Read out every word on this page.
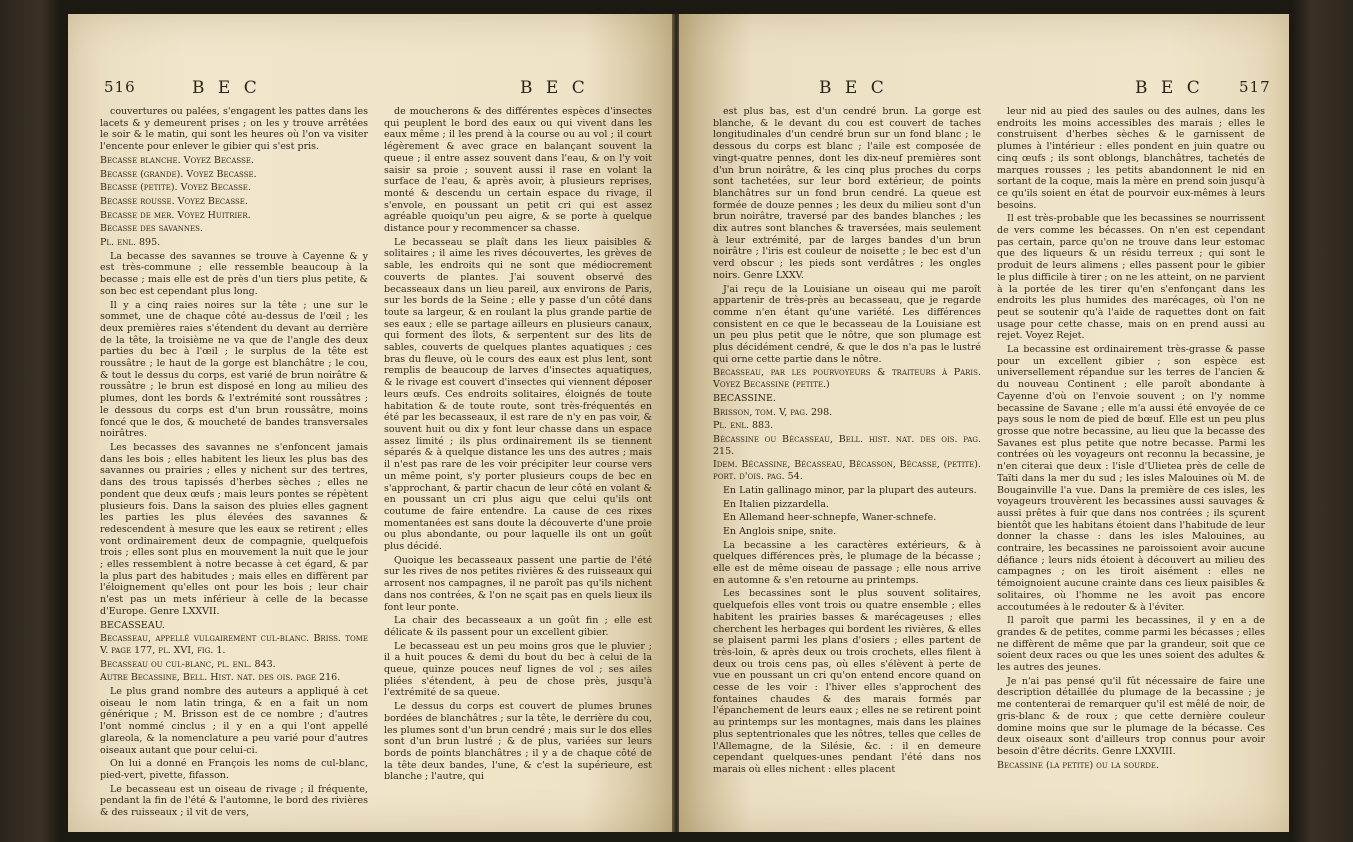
516	B E C	B E C

couvertures ou palées, s'engagent les pattes dans les lacets & y demeurent prises ; on les y trouve arrêtées le soir & le matin, qui sont les heures où l'on va visiter l'encente pour enlever le gibier qui s'est pris.

Becasse blanche. Voyez Becasse.

Becasse (grande). Voyez Becasse.

Becasse (petite). Voyez Becasse.

Becasse rousse. Voyez Becasse.

Becasse de mer. Voyez Huitrier.

Becasse des savannes.

Pl. enl. 895.

La becasse des savannes se trouve à Cayenne & y est très-commune ; elle ressemble beaucoup à la becasse ; mais elle est de près d'un tiers plus petite, & son bec est cependant plus long.

Il y a cinq raies noires sur la tête ; une sur le sommet, une de chaque côté au-dessus de l'œil ; les deux premières raies s'étendent du devant au derrière de la tête, la troisième ne va que de l'angle des deux parties du bec à l'œil ; le surplus de la tête est roussâtre ; le haut de la gorge est blanchâtre ; le cou, & tout le dessus du corps, est varié de brun noirâtre & roussâtre ; le brun est disposé en long au milieu des plumes, dont les bords & l'extrémité sont roussâtres ; le dessous du corps est d'un brun roussâtre, moins foncé que le dos, & moucheté de bandes transversales noirâtres.

Les becasses des savannes ne s'enfoncent jamais dans les bois ; elles habitent les lieux les plus bas des savannes ou prairies ; elles y nichent sur des tertres, dans des trous tapissés d'herbes sèches ; elles ne pondent que deux œufs ; mais leurs pontes se répètent plusieurs fois. Dans la saison des pluies elles gagnent les parties les plus élevées des savannes & redescendent à mesure que les eaux se retirent ; elles vont ordinairement deux de compagnie, quelquefois trois ; elles sont plus en mouvement la nuit que le jour ; elles ressemblent à notre becasse à cet égard, & par la plus part des habitudes ; mais elles en diffèrent par l'éloignement qu'elles ont pour les bois ; leur chair n'est pas un mets inférieur à celle de la becasse d'Europe. Genre LXXVII.

BECASSEAU.

Becasseau, appellé vulgairement cul-blanc. Briss. tome V. page 177, pl. XVI, fig. 1.

Becasseau ou cul-blanc, pl. enl. 843.

Autre Becassine, Bell. Hist. nat. des ois. page 216.

Le plus grand nombre des auteurs a appliqué à cet oiseau le nom latin tringa, & en a fait un nom générique ; M. Brisson est de ce nombre ; d'autres l'ont nommé cinclus ; il y en a qui l'ont appellé glareola, & la nomenclature a peu varié pour d'autres oiseaux autant que pour celui-ci.

On lui a donné en François les noms de cul-blanc, pied-vert, pivette, fifasson.

Le becasseau est un oiseau de rivage ; il fréquente, pendant la fin de l'été & l'automne, le bord des rivières & des ruisseaux ; il vit de vers,

de moucherons & des différentes espèces d'insectes qui peuplent le bord des eaux ou qui vivent dans les eaux même ; il les prend à la course ou au vol ; il court légèrement & avec grace en balançant souvent la queue ; il entre assez souvent dans l'eau, & on l'y voit saisir sa proie ; souvent aussi il rase en volant la surface de l'eau, & après avoir, à plusieurs reprises, monté & descendu un certain espace du rivage, il s'envole, en poussant un petit cri qui est assez agréable quoiqu'un peu aigre, & se porte à quelque distance pour y recommencer sa chasse.

Le becasseau se plaît dans les lieux paisibles & solitaires ; il aime les rives découvertes, les grèves de sable, les endroits qui ne sont que médiocrement couverts de plantes. J'ai souvent observé des becasseaux dans un lieu pareil, aux environs de Paris, sur les bords de la Seine ; elle y passe d'un côté dans toute sa largeur, & en roulant la plus grande partie de ses eaux ; elle se partage ailleurs en plusieurs canaux, qui forment des îlots, & serpentent sur des lits de sables, couverts de quelques plantes aquatiques ; ces bras du fleuve, où le cours des eaux est plus lent, sont remplis de beaucoup de larves d'insectes aquatiques, & le rivage est couvert d'insectes qui viennent déposer leurs œufs. Ces endroits solitaires, éloignés de toute habitation & de toute route, sont très-fréquentés en été par les becasseaux, il est rare de n'y en pas voir, & souvent huit ou dix y font leur chasse dans un espace assez limité ; ils plus ordinairement ils se tiennent séparés & à quelque distance les uns des autres ; mais il n'est pas rare de les voir précipiter leur course vers un même point, s'y porter plusieurs coups de bec en s'approchant, & partir chacun de leur côté en volant & en poussant un cri plus aigu que celui qu'ils ont coutume de faire entendre. La cause de ces rixes momentanées est sans doute la découverte d'une proie ou plus abondante, ou pour laquelle ils ont un goût plus décidé.

Quoique les becasseaux passent une partie de l'été sur les rives de nos petites rivières & des ruisseaux qui arrosent nos campagnes, il ne paroît pas qu'ils nichent dans nos contrées, & l'on ne sçait pas en quels lieux ils font leur ponte.

La chair des becasseaux a un goût fin ; elle est délicate & ils passent pour un excellent gibier.

Le becasseau est un peu moins gros que le pluvier ; il a huit pouces & demi du bout du bec à celui de la queue, quinze pouces neuf lignes de vol ; ses ailes pliées s'étendent, à peu de chose près, jusqu'à l'extrémité de sa queue.

Le dessus du corps est couvert de plumes brunes bordées de blanchâtres ; sur la tête, le derrière du cou, les plumes sont d'un brun cendré ; mais sur le dos elles sont d'un brun lustré ; & de plus, variées sur leurs bords de points blanchâtres ; il y a de chaque côté de la tête deux bandes, l'une, & c'est la supérieure, est blanche ; l'autre, qui

B E C	B E C 517

est plus bas, est d'un cendré brun. La gorge est blanche, & le devant du cou est couvert de taches longitudinales d'un cendré brun sur un fond blanc ; le dessous du corps est blanc ; l'aile est composée de vingt-quatre pennes, dont les dix-neuf premières sont d'un brun noirâtre, & les cinq plus proches du corps sont tachetées, sur leur bord extérieur, de points blanchâtres sur un fond brun cendré. La queue est formée de douze pennes ; les deux du milieu sont d'un brun noirâtre, traversé par des bandes blanches ; les dix autres sont blanches & traversées, mais seulement à leur extrémité, par de larges bandes d'un brun noirâtre ; l'iris est couleur de noisette ; le bec est d'un verd obscur ; les pieds sont verdâtres ; les ongles noirs. Genre LXXV.

J'ai reçu de la Louisiane un oiseau qui me paroît appartenir de très-près au becasseau, que je regarde comme n'en étant qu'une variété. Les différences consistent en ce que le becasseau de la Louisiane est un peu plus petit que le nôtre, que son plumage est plus décidément cendré, & que le dos n'a pas le lustré qui orne cette partie dans le nôtre.

Becasseau, par les pourvoyeurs & traiteurs à Paris. Voyez Becassine (petite.)

BECASSINE.

Brisson, tom. V, pag. 298.

Pl. enl. 883.

Bécassine ou Bécasseau, Bell. hist. nat. des ois. pag. 215.

Idem. Bécassine, Bécasseau, Bécasson, Bécasse, (petite). port. d'ois. pag. 54.

En Latin gallinago minor, par la plupart des auteurs.

En Italien pizzardella.

En Allemand heer-schnepfe, Waner-schnefe.

En Anglois snipe, snite.

La becassine a les caractères extérieurs, & à quelques différences près, le plumage de la bécasse ; elle est de même oiseau de passage ; elle nous arrive en automne & s'en retourne au printemps.

Les becassines sont le plus souvent solitaires, quelquefois elles vont trois ou quatre ensemble ; elles habitent les prairies basses & marécageuses ; elles cherchent les herbages qui bordent les rivières, & elles se plaisent parmi les plans d'osiers ; elles partent de très-loin, & après deux ou trois crochets, elles filent à deux ou trois cens pas, où elles s'élèvent à perte de vue en poussant un cri qu'on entend encore quand on cesse de les voir : l'hiver elles s'approchent des fontaines chaudes & des marais formés par l'épanchement de leurs eaux ; elles ne se retirent point au printemps sur les montagnes, mais dans les plaines plus septentrionales que les nôtres, telles que celles de l'Allemagne, de la Silésie, &c. : il en demeure cependant quelques-unes pendant l'été dans nos marais où elles nichent : elles placent

leur nid au pied des saules ou des aulnes, dans les endroits les moins accessibles des marais ; elles le construisent d'herbes sèches & le garnissent de plumes à l'intérieur : elles pondent en juin quatre ou cinq œufs ; ils sont oblongs, blanchâtres, tachetés de marques rousses ; les petits abandonnent le nid en sortant de la coque, mais la mère en prend soin jusqu'à ce qu'ils soient en état de pourvoir eux-mêmes à leurs besoins.

Il est très-probable que les becassines se nourrissent de vers comme les bécasses. On n'en est cependant pas certain, parce qu'on ne trouve dans leur estomac que des liqueurs & un résidu terreux ; qui sont le produit de leurs alimens ; elles passent pour le gibier le plus difficile à tirer ; on ne les atteint, on ne parvient à la portée de les tirer qu'en s'enfonçant dans les endroits les plus humides des marécages, où l'on ne peut se soutenir qu'à l'aide de raquettes dont on fait usage pour cette chasse, mais on en prend aussi au rejet. Voyez Rejet.

La becassine est ordinairement très-grasse & passe pour un excellent gibier ; son espèce est universellement répandue sur les terres de l'ancien & du nouveau Continent ; elle paroît abondante à Cayenne d'où on l'envoie souvent ; on l'y nomme becassine de Savane ; elle m'a aussi été envoyée de ce pays sous le nom de pied de bœuf. Elle est un peu plus grosse que notre becassine, au lieu que la becasse des Savanes est plus petite que notre becasse. Parmi les contrées où les voyageurs ont reconnu la becassine, je n'en citerai que deux : l'isle d'Ulietea près de celle de Taïti dans la mer du sud ; les isles Malouines où M. de Bougainville l'a vue. Dans la première de ces isles, les voyageurs trouvèrent les becassines aussi sauvages & aussi prêtes à fuir que dans nos contrées ; ils sçurent bientôt que les habitans étoient dans l'habitude de leur donner la chasse : dans les isles Malouines, au contraire, les becassines ne paroissoient avoir aucune défiance ; leurs nids étoient à découvert au milieu des campagnes ; on les tiroit aisément : elles ne témoignoient aucune crainte dans ces lieux paisibles & solitaires, où l'homme ne les avoit pas encore accoutumées à le redouter & à l'éviter.

Il paroît que parmi les becassines, il y en a de grandes & de petites, comme parmi les bécasses ; elles ne diffèrent de même que par la grandeur, soit que ce soient deux races ou que les unes soient des adultes & les autres des jeunes.

Je n'ai pas pensé qu'il fût nécessaire de faire une description détaillée du plumage de la becassine ; je me contenterai de remarquer qu'il est mêlé de noir, de gris-blanc & de roux ; que cette dernière couleur domine moins que sur le plumage de la bécasse. Ces deux oiseaux sont d'ailleurs trop connus pour avoir besoin d'être décrits. Genre LXXVIII.

Becassine (la petite) ou la sourde.
